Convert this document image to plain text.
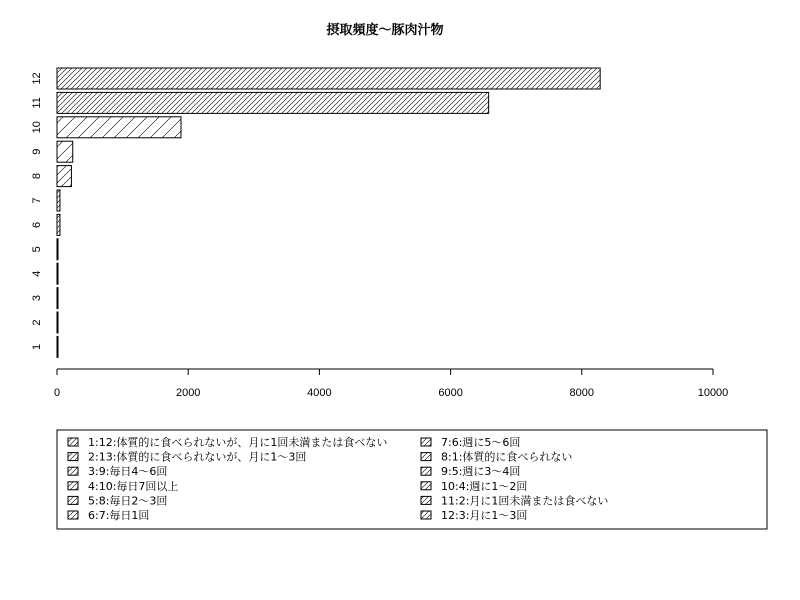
摂取頻度～豚肉汁物
1
2
3
4
5
6
7
8
9
10
11
12
0	2000	4000	6000	8000	10000
1:12:体質的に食べられないが、月に1回未満または食べない
2:13:体質的に食べられないが、月に1～3回
3:9:毎日4～6回
4:10:毎日7回以上
5:8:毎日2～3回
6:7:毎日1回
7:6:週に5～6回
8:1:体質的に食べられない
9:5:週に3～4回
10:4:週に1～2回
11:2:月に1回未満または食べない
12:3:月に1～3回
